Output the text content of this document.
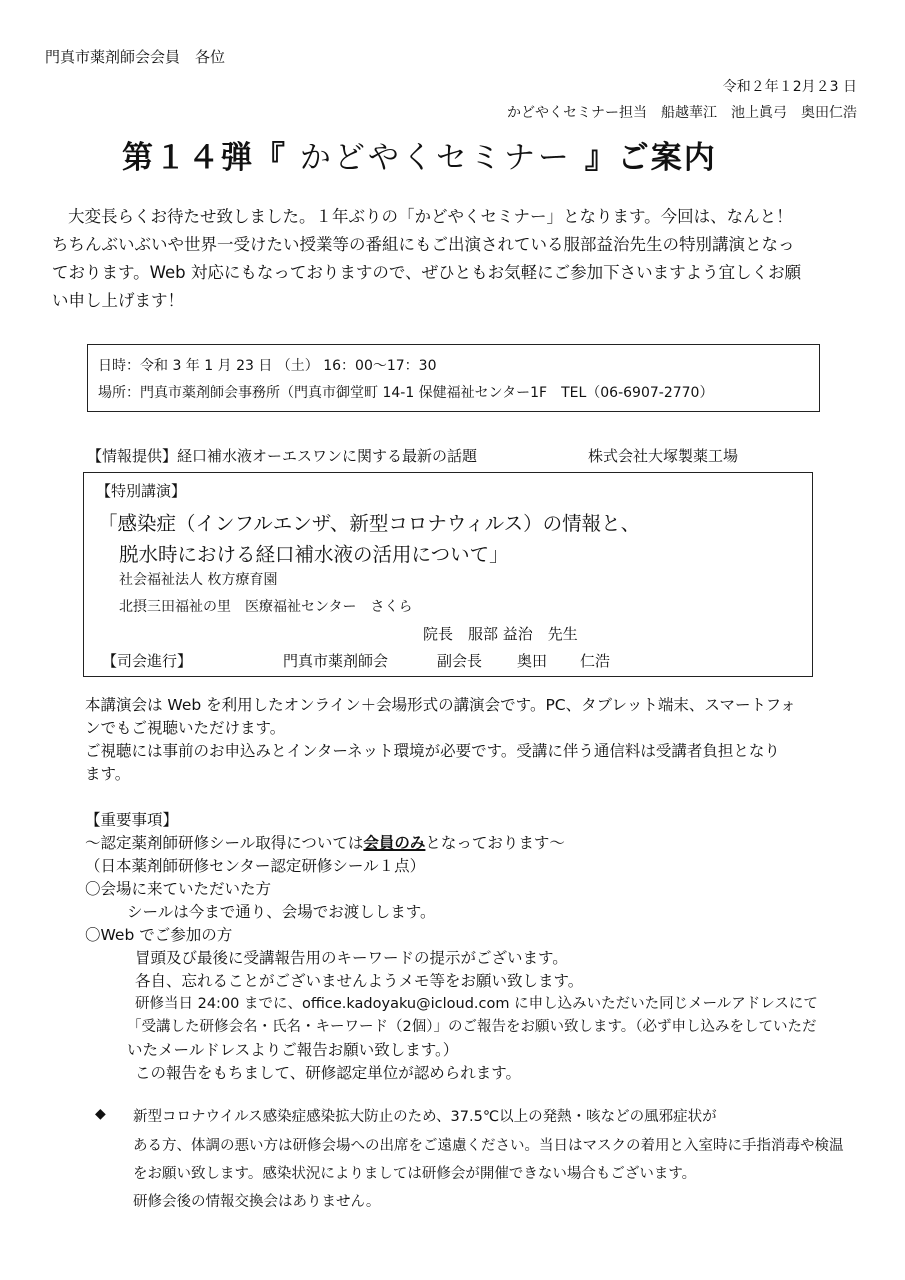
門真市薬剤師会会員　各位
令和２年１2月２3 日
かどやくセミナー担当　船越華江　池上眞弓　奥田仁浩
第１４弾『 かどやくセミナー 』ご案内
大変長らくお待たせ致しました。１年ぶりの「かどやくセミナー」となります。今回は、なんと！
ちちんぶいぶいや世界一受けたい授業等の番組にもご出演されている服部益治先生の特別講演となっ
ております。Web 対応にもなっておりますので、ぜひともお気軽にご参加下さいますよう宜しくお願
い申し上げます！
日時：令和 3 年 1 月 23 日 （土） 16：00～17：30
場所：門真市薬剤師会事務所（門真市御堂町 14-1 保健福祉センター1F　TEL（06-6907-2770）
【情報提供】経口補水液オーエスワンに関する最新の話題	株式会社大塚製薬工場
【特別講演】
「感染症（インフルエンザ、新型コロナウィルス）の情報と、
脱水時における経口補水液の活用について」
社会福祉法人 枚方療育園
北摂三田福祉の里　医療福祉センター　さくら
院長　服部 益治　先生
【司会進行】	門真市薬剤師会	副会長 奥田 仁浩
本講演会は Web を利用したオンライン＋会場形式の講演会です。PC、タブレット端末、スマートフォ
ンでもご視聴いただけます。
ご視聴には事前のお申込みとインターネット環境が必要です。受講に伴う通信料は受講者負担となり
ます。
【重要事項】
～認定薬剤師研修シール取得については会員のみとなっております～
（日本薬剤師研修センター認定研修シール１点）
〇会場に来ていただいた方
シールは今まで通り、会場でお渡しします。
〇Web でご参加の方
冒頭及び最後に受講報告用のキーワードの提示がございます。
各自、忘れることがございませんようメモ等をお願い致します。
研修当日 24:00 までに、office.kadoyaku@icloud.com に申し込みいただいた同じメールアドレスにて
「受講した研修会名・氏名・キーワード（2個）」のご報告をお願い致します。（必ず申し込みをしていただ
いたメールドレスよりご報告お願い致します。）
この報告をもちまして、研修認定単位が認められます。
◆ 新型コロナウイルス感染症感染拡大防止のため、37.5℃以上の発熱・咳などの風邪症状が
ある方、体調の悪い方は研修会場への出席をご遠慮ください。当日はマスクの着用と入室時に手指消毒や検温
をお願い致します。感染状況によりましては研修会が開催できない場合もございます。
研修会後の情報交換会はありません。
